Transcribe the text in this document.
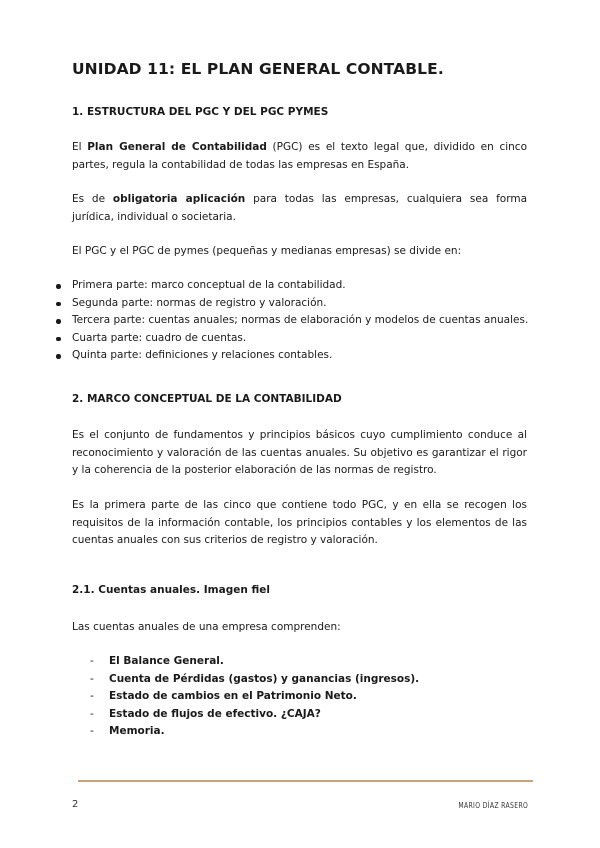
UNIDAD 11: EL PLAN GENERAL CONTABLE.
1. ESTRUCTURA DEL PGC Y DEL PGC PYMES

El Plan General de Contabilidad (PGC) es el texto legal que, dividido en cinco partes, regula la contabilidad de todas las empresas en España.

Es de obligatoria aplicación para todas las empresas, cualquiera sea forma jurídica, individual o societaria.

El PGC y el PGC de pymes (pequeñas y medianas empresas) se divide en:

Primera parte: marco conceptual de la contabilidad.
Segunda parte: normas de registro y valoración.
Tercera parte: cuentas anuales; normas de elaboración y modelos de cuentas anuales.
Cuarta parte: cuadro de cuentas.
Quinta parte: definiciones y relaciones contables.
2. MARCO CONCEPTUAL DE LA CONTABILIDAD

Es el conjunto de fundamentos y principios básicos cuyo cumplimiento conduce al reconocimiento y valoración de las cuentas anuales. Su objetivo es garantizar el rigor y la coherencia de la posterior elaboración de las normas de registro.

Es la primera parte de las cinco que contiene todo PGC, y en ella se recogen los requisitos de la información contable, los principios contables y los elementos de las cuentas anuales con sus criterios de registro y valoración.

2.1. Cuentas anuales. Imagen fiel

Las cuentas anuales de una empresa comprenden:

- El Balance General.
- Cuenta de Pérdidas (gastos) y ganancias (ingresos).
- Estado de cambios en el Patrimonio Neto.
- Estado de flujos de efectivo. ¿CAJA?
- Memoria.
2	MARIO DÍAZ RASERO
